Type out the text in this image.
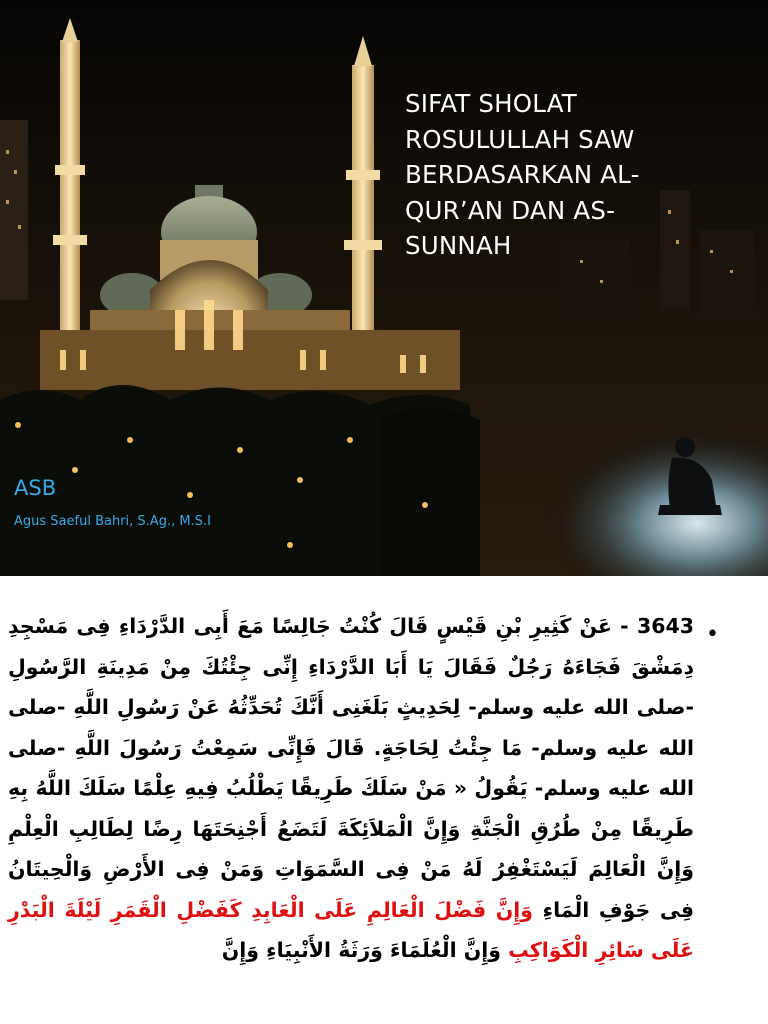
SIFAT SHOLAT
ROSULULLAH SAW
BERDASARKAN AL-
QUR’AN DAN AS-
SUNNAH

ASB

Agus Saeful Bahri, S.Ag., M.S.I

•

3643 - عَنْ كَثِيرِ بْنِ قَيْسٍ قَالَ كُنْتُ جَالِسًا مَعَ أَبِى الدَّرْدَاءِ فِى مَسْجِدِ دِمَشْقَ فَجَاءَهُ رَجُلٌ فَقَالَ يَا أَبَا الدَّرْدَاءِ إِنِّى جِئْتُكَ مِنْ مَدِينَةِ الرَّسُولِ -صلى الله عليه وسلم- لِحَدِيثٍ بَلَغَنِى أَنَّكَ تُحَدِّثُهُ عَنْ رَسُولِ اللَّهِ -صلى الله عليه وسلم- مَا جِئْتُ لِحَاجَةٍ. قَالَ فَإِنِّى سَمِعْتُ رَسُولَ اللَّهِ -صلى الله عليه وسلم- يَقُولُ « مَنْ سَلَكَ طَرِيقًا يَطْلُبُ فِيهِ عِلْمًا سَلَكَ اللَّهُ بِهِ طَرِيقًا مِنْ طُرُقِ الْجَنَّةِ وَإِنَّ الْمَلاَئِكَةَ لَتَضَعُ أَجْنِحَتَهَا رِضًا لِطَالِبِ الْعِلْمِ وَإِنَّ الْعَالِمَ لَيَسْتَغْفِرُ لَهُ مَنْ فِى السَّمَوَاتِ وَمَنْ فِى الأَرْضِ وَالْحِيتَانُ فِى جَوْفِ الْمَاءِ وَإِنَّ فَضْلَ الْعَالِمِ عَلَى الْعَابِدِ كَفَضْلِ الْقَمَرِ لَيْلَةَ الْبَدْرِ عَلَى سَائِرِ الْكَوَاكِبِ وَإِنَّ الْعُلَمَاءَ وَرَثَةُ الأَنْبِيَاءِ وَإِنَّ
